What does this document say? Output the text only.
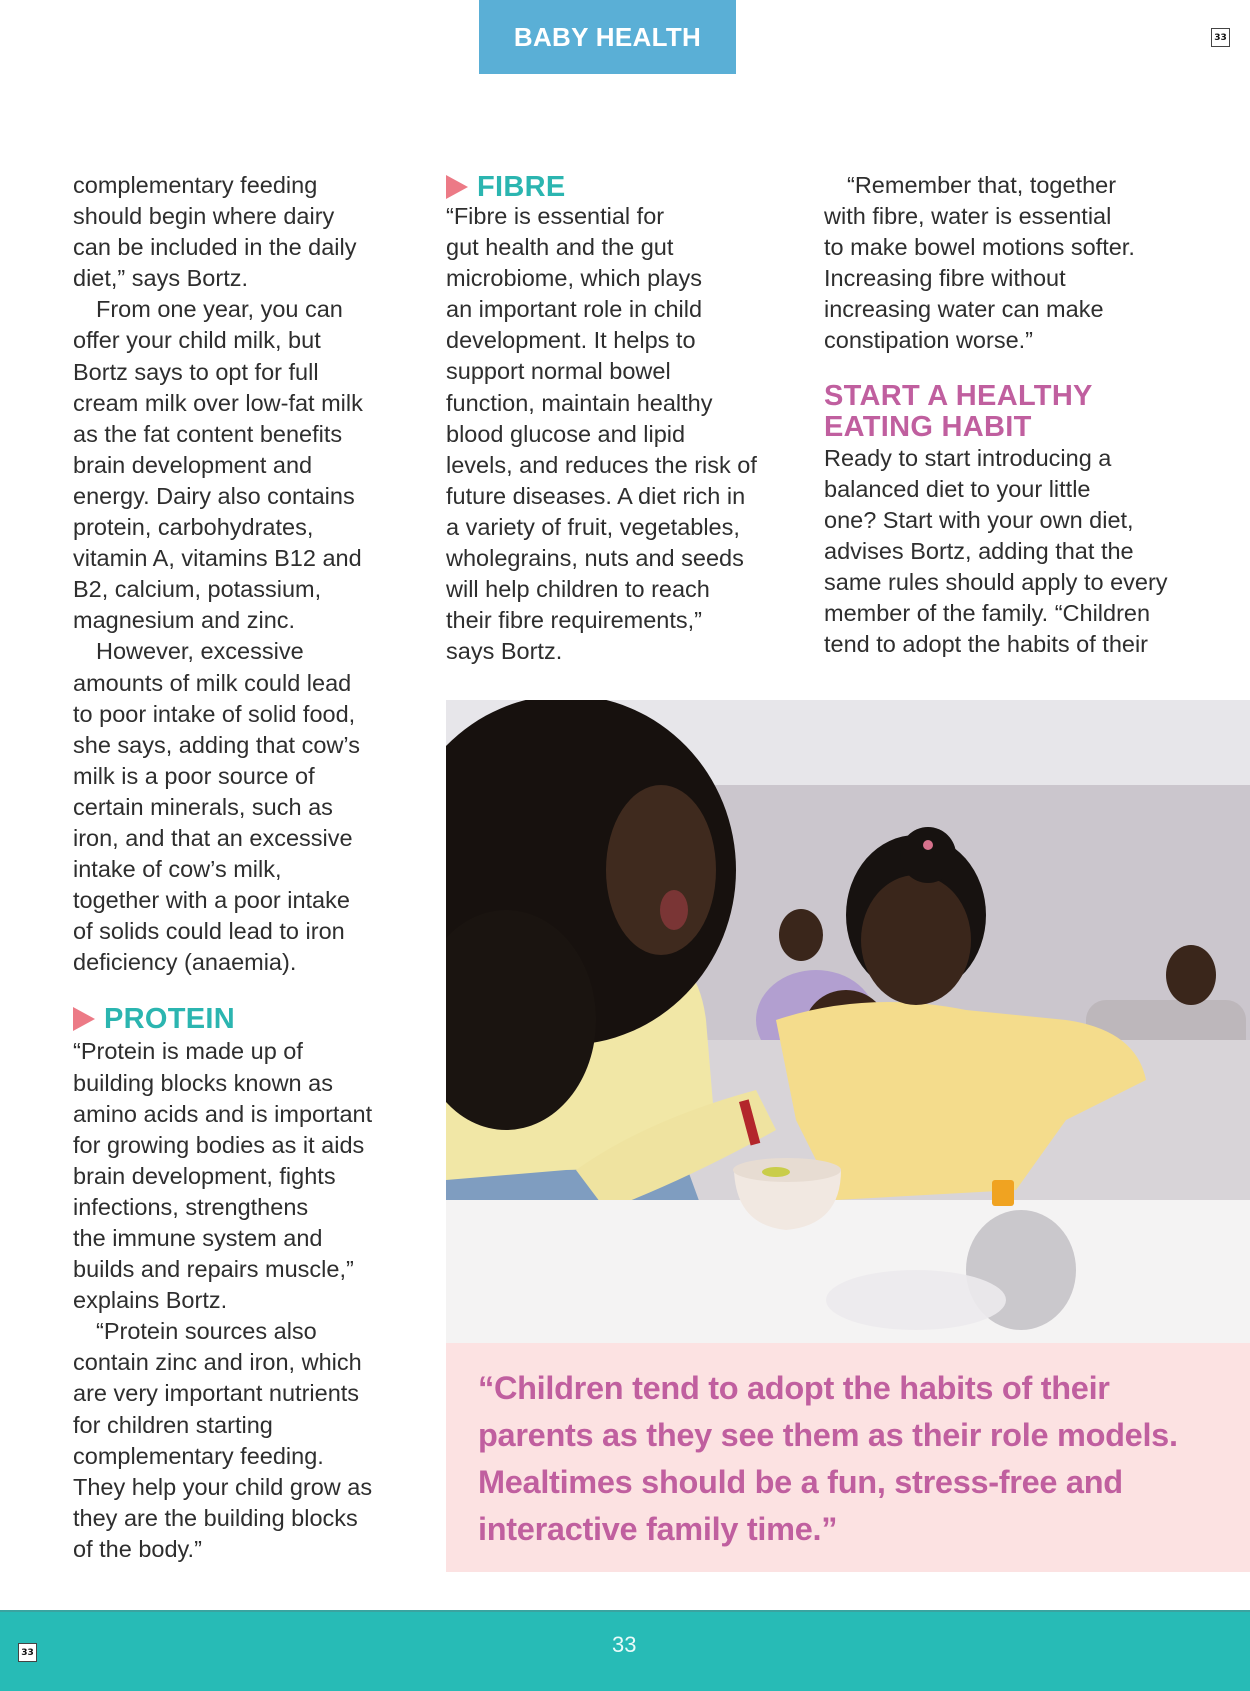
BABY HEALTH	33

complementary feeding

should begin where dairy

can be included in the daily

diet,” says Bortz.

From one year, you can

offer your child milk, but

Bortz says to opt for full

cream milk over low-fat milk

as the fat content benefits

brain development and

energy. Dairy also contains

protein, carbohydrates,

vitamin A, vitamins B12 and

B2, calcium, potassium,

magnesium and zinc.

However, excessive

amounts of milk could lead

to poor intake of solid food,

she says, adding that cow’s

milk is a poor source of

certain minerals, such as

iron, and that an excessive

intake of cow’s milk,

together with a poor intake

of solids could lead to iron

deficiency (anaemia).

PROTEIN

“Protein is made up of

building blocks known as

amino acids and is important

for growing bodies as it aids

brain development, fights

infections, strengthens

the immune system and

builds and repairs muscle,”

explains Bortz.

“Protein sources also

contain zinc and iron, which

are very important nutrients

for children starting

complementary feeding.

They help your child grow as

they are the building blocks

of the body.”

FIBRE

“Fibre is essential for

gut health and the gut

microbiome, which plays

an important role in child

development. It helps to

support normal bowel

function, maintain healthy

blood glucose and lipid

levels, and reduces the risk of

future diseases. A diet rich in

a variety of fruit, vegetables,

wholegrains, nuts and seeds

will help children to reach

their fibre requirements,”

says Bortz.

“Remember that, together

with fibre, water is essential

to make bowel motions softer.

Increasing fibre without

increasing water can make

constipation worse.”

START A HEALTHY

EATING HABIT

Ready to start introducing a

balanced diet to your little

one? Start with your own diet,

advises Bortz, adding that the

same rules should apply to every

member of the family. “Children

tend to adopt the habits of their

“Children tend to adopt the habits of their

parents as they see them as their role models.

Mealtimes should be a fun, stress-free and

interactive family time.”

33
33
